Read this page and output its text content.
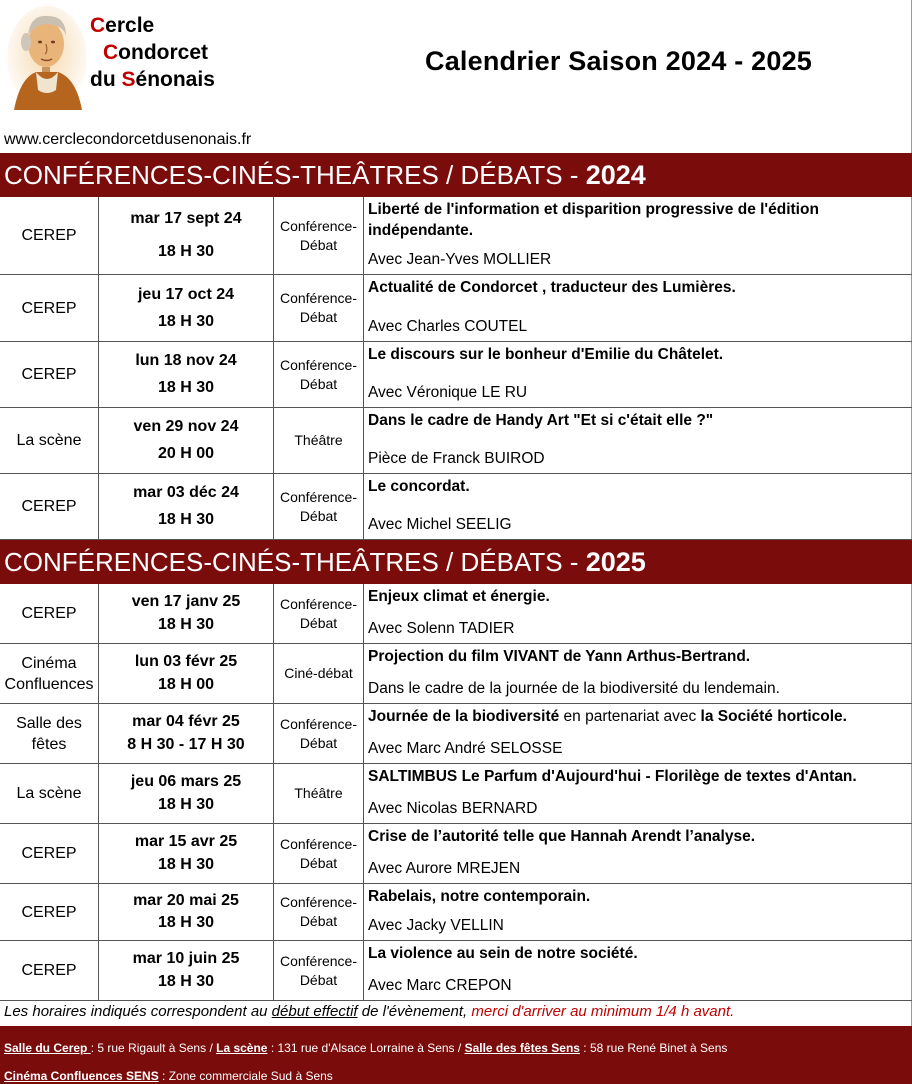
Cercle
Condorcet
du Sénonais
Calendrier Saison 2024 - 2025
www.cerclecondorcetdusenonais.fr
CONFÉRENCES-CINÉS-THEÂTRES / DÉBATS - 2024
CEREP
mar 17 sept 24
18 H 30
Conférence-Débat
Liberté de l'information et disparition progressive de l'édition indépendante.
Avec Jean-Yves MOLLIER
CEREP
jeu 17 oct 24
18 H 30
Conférence-Débat
Actualité de Condorcet , traducteur des Lumières.
Avec Charles COUTEL
CEREP
lun 18 nov 24
18 H 30
Conférence-Débat
Le discours sur le bonheur d'Emilie du Châtelet.
Avec Véronique LE RU
La scène
ven 29 nov 24
20 H 00
Théâtre
Dans le cadre de Handy Art "Et si c'était elle ?"
Pièce de Franck BUIROD
CEREP
mar 03 déc 24
18 H 30
Conférence-Débat
Le concordat.
Avec Michel SEELIG
CONFÉRENCES-CINÉS-THEÂTRES / DÉBATS - 2025
CEREP
ven 17 janv 25
18 H 30
Conférence-Débat
Enjeux climat et énergie.
Avec Solenn TADIER
Cinéma Confluences
lun 03 févr 25
18 H 00
Ciné-débat
Projection du film VIVANT de Yann Arthus-Bertrand.
Dans le cadre de la journée de la biodiversité du lendemain.
Salle des fêtes
mar 04 févr 25
8 H 30 - 17 H 30
Conférence-Débat
Journée de la biodiversité en partenariat avec la Société horticole.
Avec Marc André SELOSSE
La scène
jeu 06 mars 25
18 H 30
Théâtre
SALTIMBUS Le Parfum d'Aujourd'hui - Florilège de textes d'Antan.
Avec Nicolas BERNARD
CEREP
mar 15 avr 25
18 H 30
Conférence-Débat
Crise de l’autorité telle que Hannah Arendt l’analyse.
Avec Aurore MREJEN
CEREP
mar 20 mai 25
18 H 30
Conférence-Débat
Rabelais, notre contemporain.
Avec Jacky VELLIN
CEREP
mar 10 juin 25
18 H 30
Conférence-Débat
La violence au sein de notre société.
Avec Marc CREPON
Les horaires indiqués correspondent au début effectif de l'évènement, merci d'arriver au minimum 1/4 h avant.
Salle du Cerep : 5 rue Rigault à Sens / La scène : 131 rue d'Alsace Lorraine à Sens / Salle des fêtes Sens : 58 rue René Binet à Sens
Cinéma Confluences SENS : Zone commerciale Sud à Sens
